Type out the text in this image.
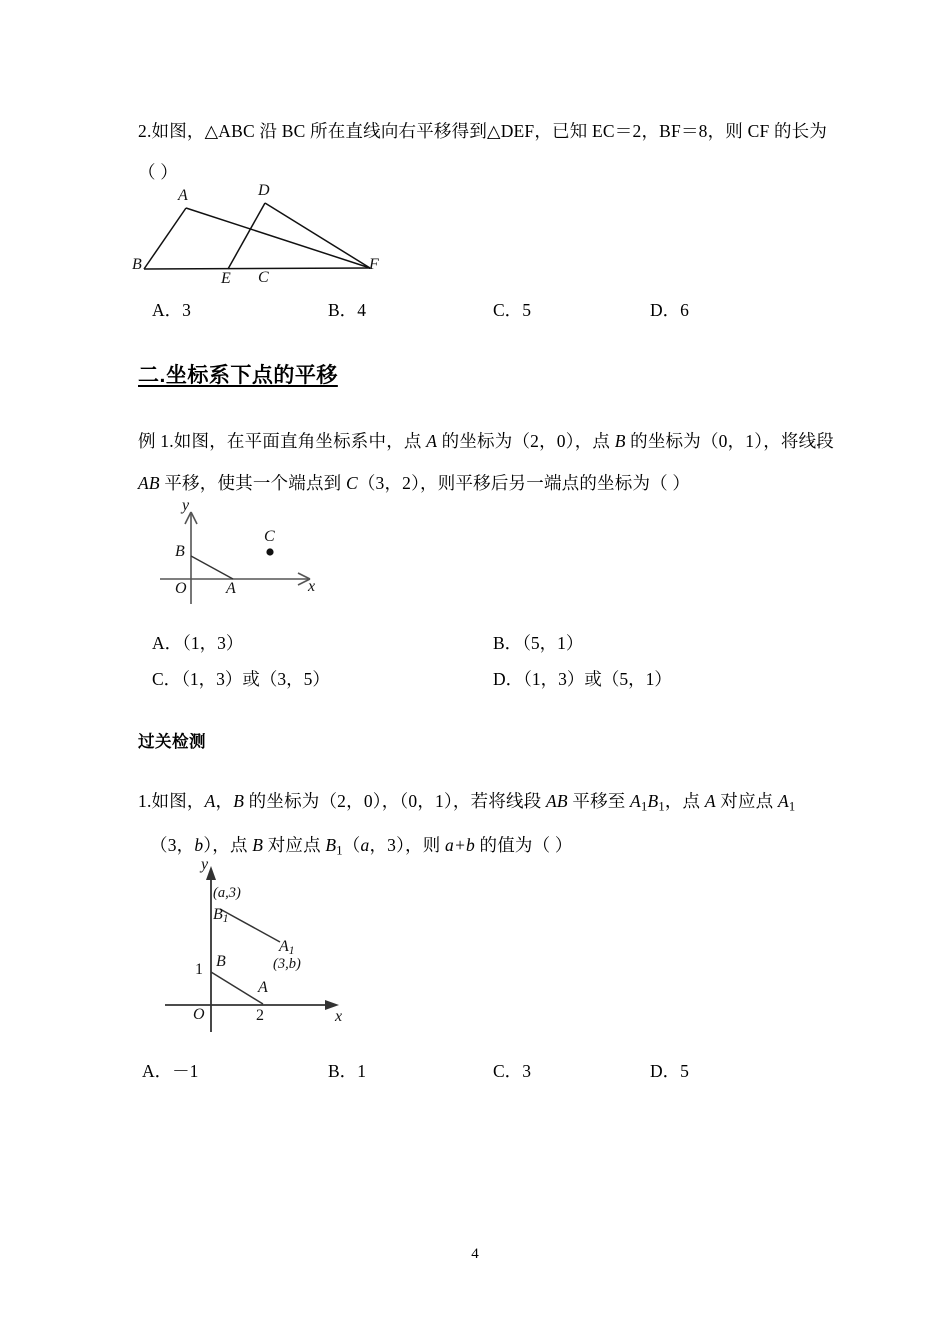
2.如图，△ABC 沿 BC 所在直线向右平移得到△DEF，已知 EC＝2，BF＝8，则 CF 的长为
（ ）
A
B
C
D
E
F
A．3	B．4	C．5	D．6
二.坐标系下点的平移
例 1.如图，在平面直角坐标系中，点 A 的坐标为（2，0），点 B 的坐标为（0，1），将线段
AB 平移，使其一个端点到 C（3，2），则平移后另一端点的坐标为（ ）
y
x
O A
B
C
A．（1，3）	B．（5，1）
C．（1，3）或（3，5）	D．（1，3）或（5，1）
过关检测
1.如图，A，B 的坐标为（2，0），（0，1），若将线段 AB 平移至 $A_1B_1$，点 A 对应点 $A_1$
（3，b），点 B 对应点 $B_1(a$，3），则 a+b 的值为（ ）
y
x
O	2
1
A
B
$A_1$
$B_1$
(a,3)
(3,b)
A．－1	B．1	C．3	D．5
4
